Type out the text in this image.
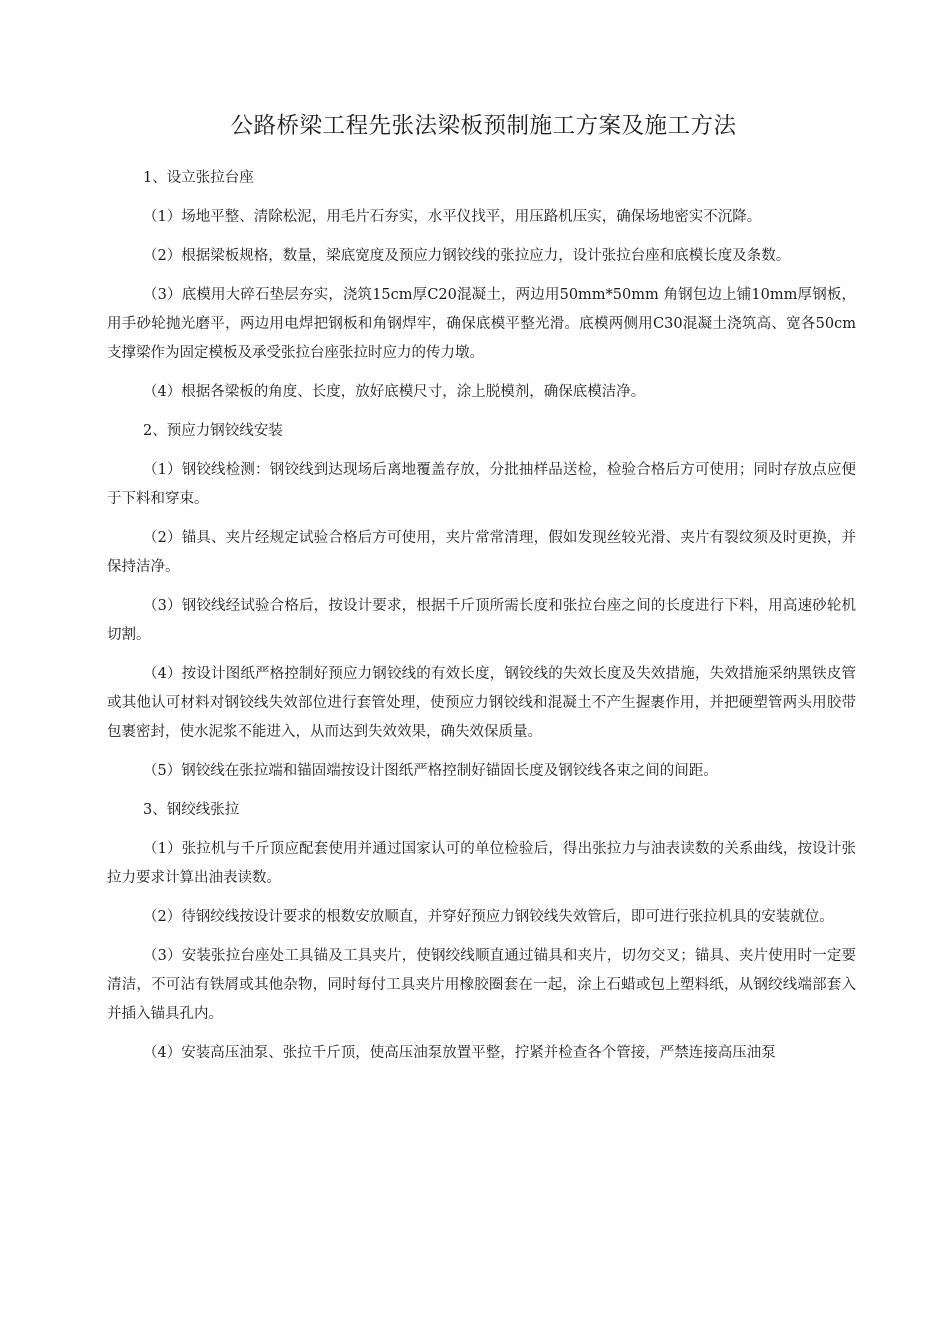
公路桥梁工程先张法梁板预制施工方案及施工方法

1、设立张拉台座

（1）场地平整、清除松泥，用毛片石夯实，水平仪找平，用压路机压实，确保场地密实不沉降。

（2）根据梁板规格，数量，梁底宽度及预应力钢铰线的张拉应力，设计张拉台座和底模长度及条数。

（3）底模用大碎石垫层夯实，浇筑15cm厚C20混凝土，两边用50mm*50mm 角钢包边上铺10mm厚钢板，用手砂轮抛光磨平，两边用电焊把钢板和角钢焊牢，确保底模平整光滑。底模两侧用C30混凝土浇筑高、宽各50cm支撑梁作为固定模板及承受张拉台座张拉时应力的传力墩。

（4）根据各梁板的角度、长度，放好底模尺寸，涂上脱模剂，确保底模洁净。

2、预应力钢铰线安装

（1）钢铰线检测：钢铰线到达现场后离地覆盖存放，分批抽样品送检，检验合格后方可使用；同时存放点应便于下料和穿束。

（2）锚具、夹片经规定试验合格后方可使用，夹片常常清理，假如发现丝较光滑、夹片有裂纹须及时更换，并保持洁净。

（3）钢铰线经试验合格后，按设计要求，根据千斤顶所需长度和张拉台座之间的长度进行下料，用高速砂轮机切割。

（4）按设计图纸严格控制好预应力钢铰线的有效长度，钢铰线的失效长度及失效措施，失效措施采纳黑铁皮管或其他认可材料对钢铰线失效部位进行套管处理，使预应力钢铰线和混凝土不产生握裹作用，并把硬塑管两头用胶带包裹密封，使水泥浆不能进入，从而达到失效效果，确失效保质量。

（5）钢铰线在张拉端和锚固端按设计图纸严格控制好锚固长度及钢铰线各束之间的间距。

3、钢绞线张拉

（1）张拉机与千斤顶应配套使用并通过国家认可的单位检验后，得出张拉力与油表读数的关系曲线，按设计张拉力要求计算出油表读数。

（2）待钢绞线按设计要求的根数安放顺直，并穿好预应力钢铰线失效管后，即可进行张拉机具的安装就位。

（3）安装张拉台座处工具锚及工具夹片，使钢绞线顺直通过锚具和夹片，切勿交叉；锚具、夹片使用时一定要清洁，不可沾有铁屑或其他杂物，同时每付工具夹片用橡胶圈套在一起，涂上石蜡或包上塑料纸，从钢绞线端部套入并插入锚具孔内。

（4）安装高压油泵、张拉千斤顶，使高压油泵放置平整，拧紧并检查各个管接，严禁连接高压油泵
